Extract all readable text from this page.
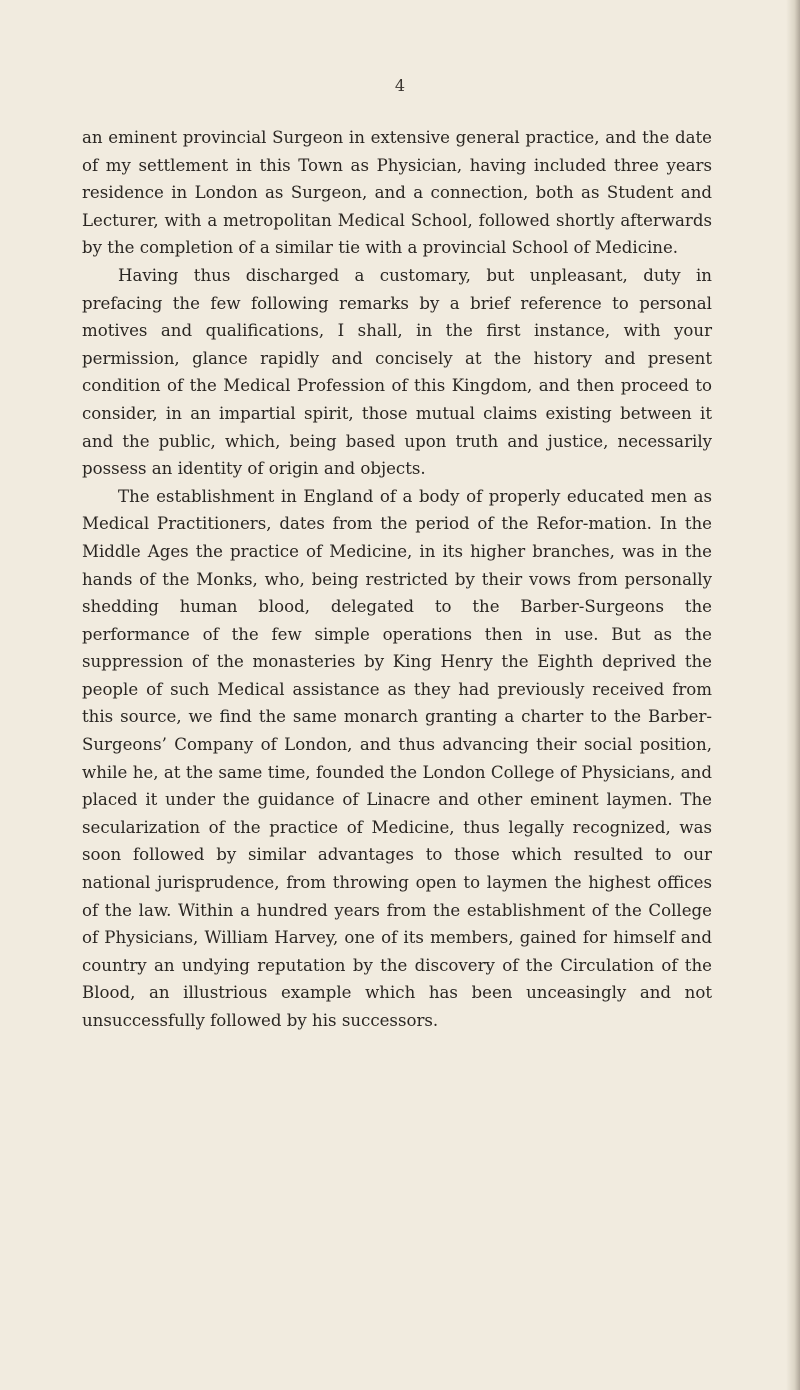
4

an eminent provincial Surgeon in extensive general practice, and the date of my settlement in this Town as Physician, having included three years residence in London as Surgeon, and a connection, both as Student and Lecturer, with a metropolitan Medical School, followed shortly afterwards by the completion of a similar tie with a provincial School of Medicine.

Having thus discharged a customary, but unpleasant, duty in prefacing the few following remarks by a brief reference to personal motives and qualifications, I shall, in the first instance, with your permission, glance rapidly and concisely at the history and present condition of the Medical Profession of this Kingdom, and then proceed to consider, in an impartial spirit, those mutual claims existing between it and the public, which, being based upon truth and justice, necessarily possess an identity of origin and objects.

The establishment in England of a body of properly educated men as Medical Practitioners, dates from the period of the Refor-mation. In the Middle Ages the practice of Medicine, in its higher branches, was in the hands of the Monks, who, being restricted by their vows from personally shedding human blood, delegated to the Barber-Surgeons the performance of the few simple operations then in use. But as the suppression of the monasteries by King Henry the Eighth deprived the people of such Medical assistance as they had previously received from this source, we find the same monarch granting a charter to the Barber-Surgeons’ Company of London, and thus advancing their social position, while he, at the same time, founded the London College of Physicians, and placed it under the guidance of Linacre and other eminent laymen. The secularization of the practice of Medicine, thus legally recognized, was soon followed by similar advantages to those which resulted to our national jurisprudence, from throwing open to laymen the highest offices of the law. Within a hundred years from the establishment of the College of Physicians, William Harvey, one of its members, gained for himself and country an undying reputation by the discovery of the Circulation of the Blood, an illustrious example which has been unceasingly and not unsuccessfully followed by his successors.
